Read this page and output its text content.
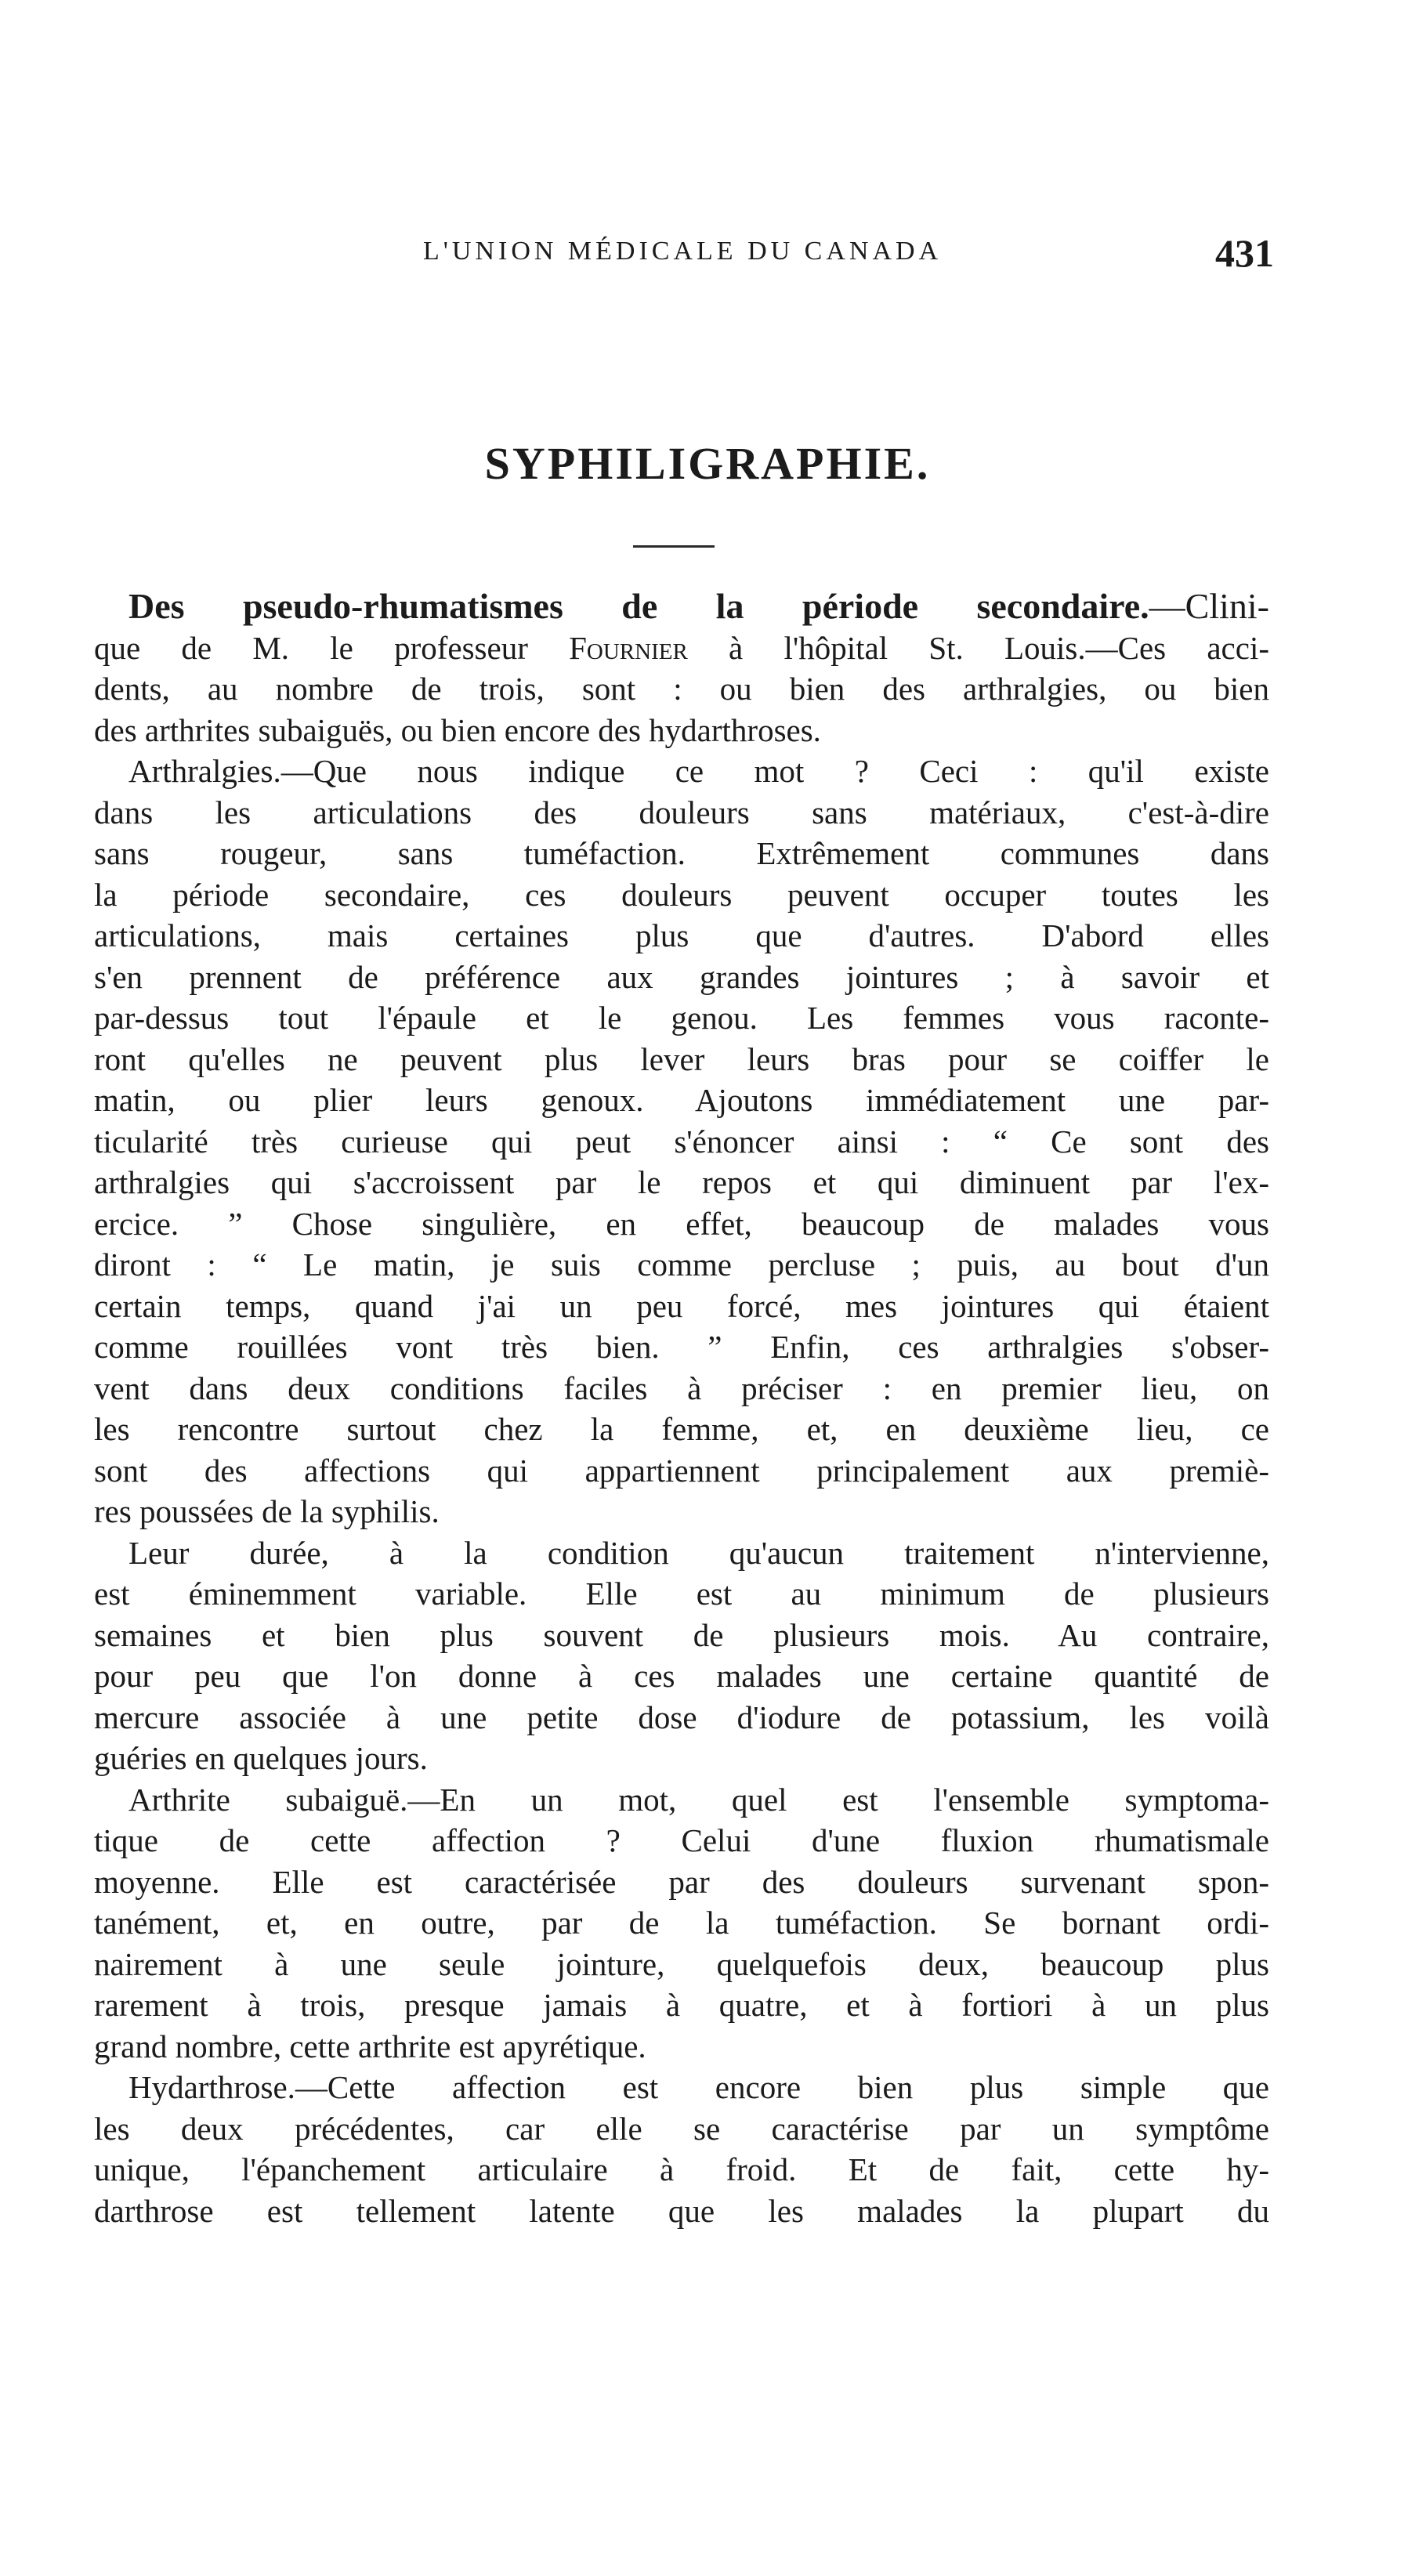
L'UNION MÉDICALE DU CANADA	431
SYPHILIGRAPHIE.
Des pseudo-rhumatismes de la période secondaire.—Clini-
que de M. le professeur Fournier à l'hôpital St. Louis.—Ces acci-
dents, au nombre de trois, sont : ou bien des arthralgies, ou bien
des arthrites subaiguës, ou bien encore des hydarthroses.
Arthralgies.—Que nous indique ce mot ? Ceci : qu'il existe
dans les articulations des douleurs sans matériaux, c'est-à-dire
sans rougeur, sans tuméfaction. Extrêmement communes dans
la période secondaire, ces douleurs peuvent occuper toutes les
articulations, mais certaines plus que d'autres. D'abord elles
s'en prennent de préférence aux grandes jointures ; à savoir et
par-dessus tout l'épaule et le genou. Les femmes vous raconte-
ront qu'elles ne peuvent plus lever leurs bras pour se coiffer le
matin, ou plier leurs genoux. Ajoutons immédiatement une par-
ticularité très curieuse qui peut s'énoncer ainsi : “ Ce sont des
arthralgies qui s'accroissent par le repos et qui diminuent par l'ex-
ercice. ” Chose singulière, en effet, beaucoup de malades vous
diront : “ Le matin, je suis comme percluse ; puis, au bout d'un
certain temps, quand j'ai un peu forcé, mes jointures qui étaient
comme rouillées vont très bien. ” Enfin, ces arthralgies s'obser-
vent dans deux conditions faciles à préciser : en premier lieu, on
les rencontre surtout chez la femme, et, en deuxième lieu, ce
sont des affections qui appartiennent principalement aux premiè-
res poussées de la syphilis.
Leur durée, à la condition qu'aucun traitement n'intervienne,
est éminemment variable. Elle est au minimum de plusieurs
semaines et bien plus souvent de plusieurs mois. Au contraire,
pour peu que l'on donne à ces malades une certaine quantité de
mercure associée à une petite dose d'iodure de potassium, les voilà
guéries en quelques jours.
Arthrite subaiguë.—En un mot, quel est l'ensemble symptoma-
tique de cette affection ? Celui d'une fluxion rhumatismale
moyenne. Elle est caractérisée par des douleurs survenant spon-
tanément, et, en outre, par de la tuméfaction. Se bornant ordi-
nairement à une seule jointure, quelquefois deux, beaucoup plus
rarement à trois, presque jamais à quatre, et à fortiori à un plus
grand nombre, cette arthrite est apyrétique.
Hydarthrose.—Cette affection est encore bien plus simple que
les deux précédentes, car elle se caractérise par un symptôme
unique, l'épanchement articulaire à froid. Et de fait, cette hy-
darthrose est tellement latente que les malades la plupart du
